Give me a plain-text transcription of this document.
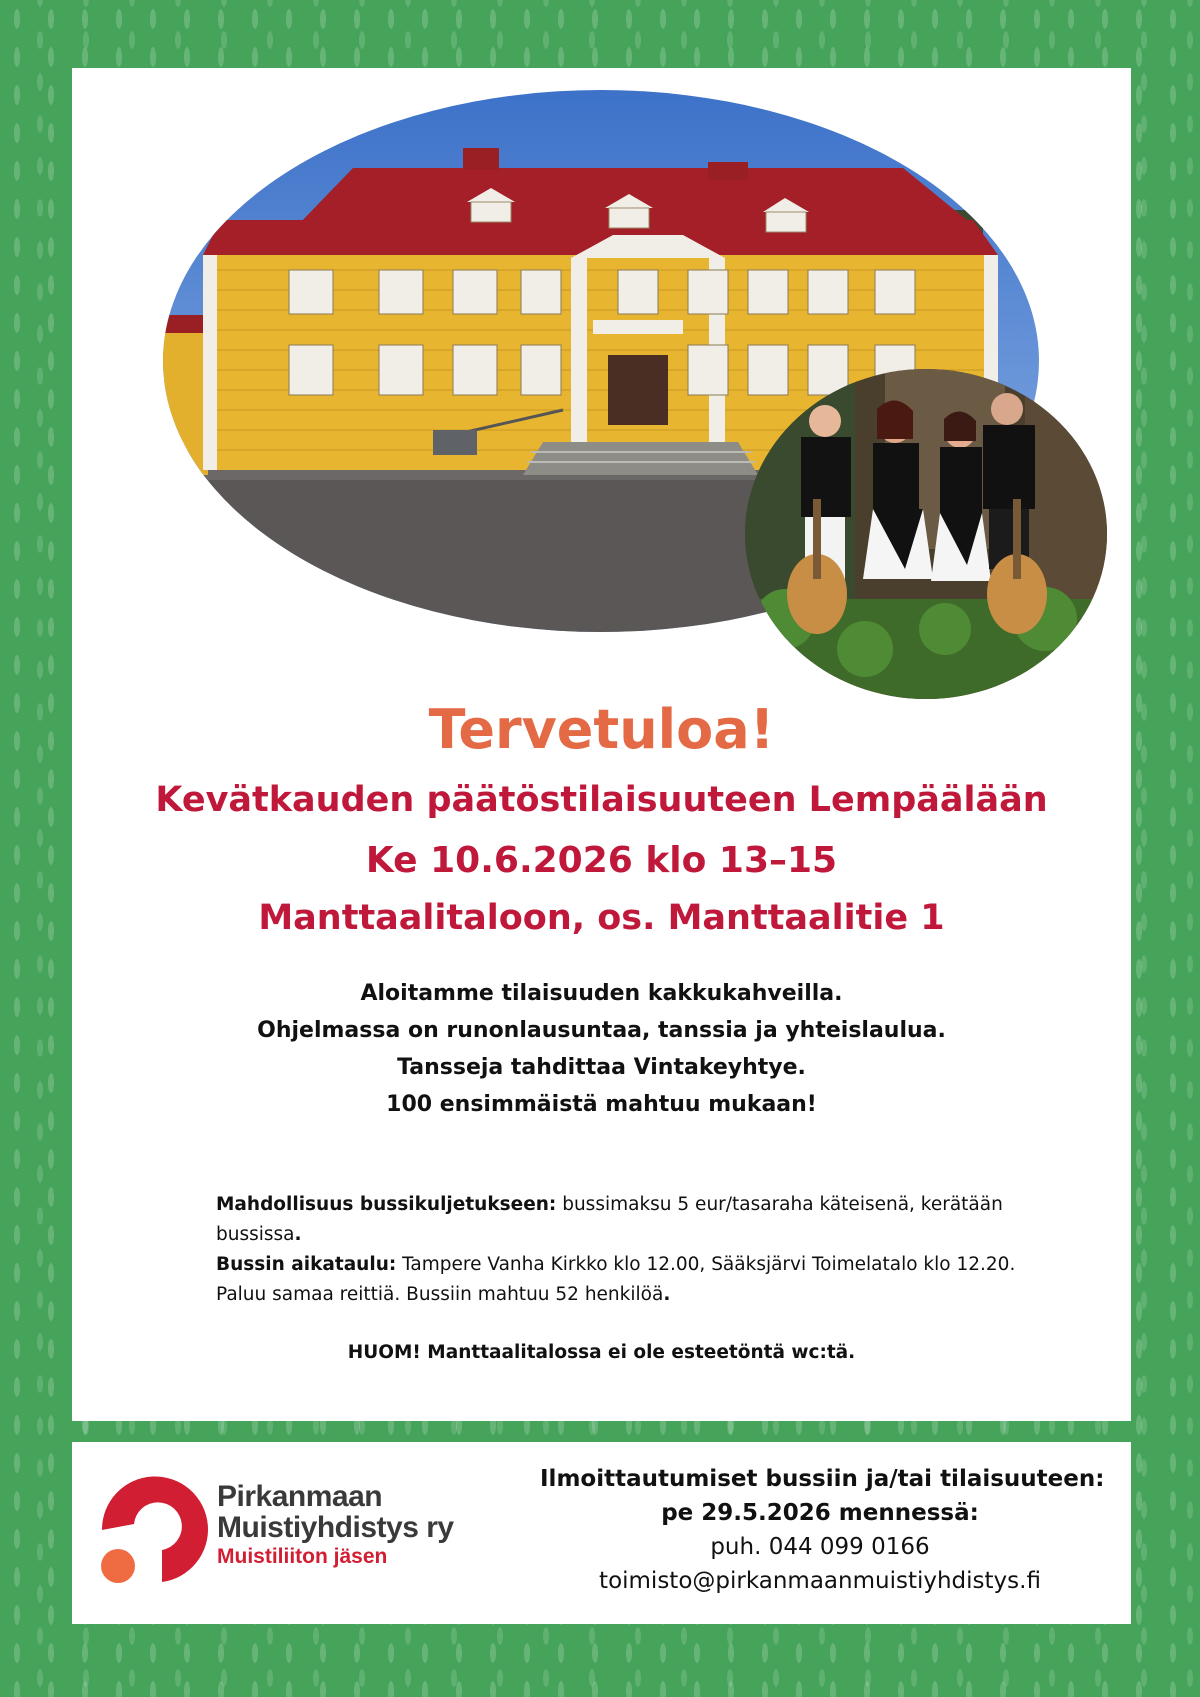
Tervetuloa!
Kevätkauden päätöstilaisuuteen Lempäälään
Ke 10.6.2026 klo 13–15
Manttaalitaloon, os. Manttaalitie 1
Aloitamme tilaisuuden kakkukahveilla.
Ohjelmassa on runonlausuntaa, tanssia ja yhteislaulua.
Tansseja tahdittaa Vintakeyhtye.
100 ensimmäistä mahtuu mukaan!

Mahdollisuus bussikuljetukseen: bussimaksu 5 eur/tasaraha käteisenä, kerätään bussissa.

Bussin aikataulu: Tampere Vanha Kirkko klo 12.00, Sääksjärvi Toimelatalo klo 12.20. Paluu samaa reittiä. Bussiin mahtuu 52 henkilöä.

HUOM! Manttaalitalossa ei ole esteetöntä wc:tä.
Pirkanmaan
Muistiyhdistys ry
Muistiliiton jäsen
Ilmoittautumiset bussiin ja/tai tilaisuuteen:
pe 29.5.2026 mennessä:
puh. 044 099 0166
toimisto@pirkanmaanmuistiyhdistys.fi
